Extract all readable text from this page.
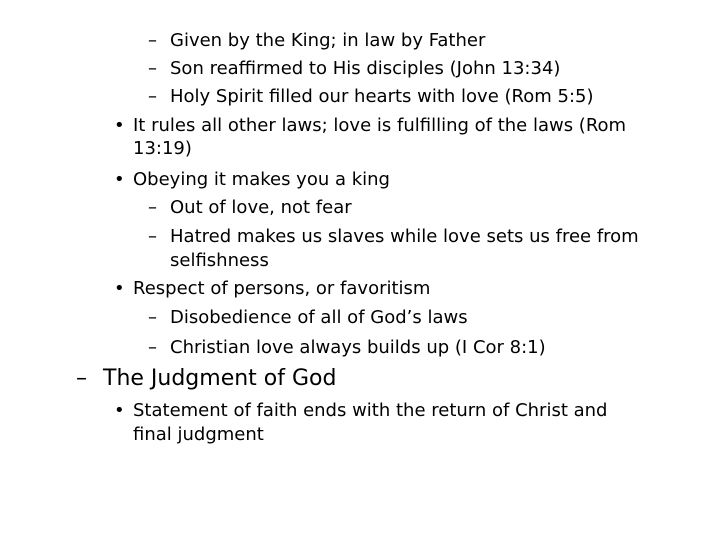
– Given by the King; in law by Father
– Son reaffirmed to His disciples (John 13:34)
– Holy Spirit filled our hearts with love (Rom 5:5)
• It rules all other laws; love is fulfilling of the laws (Rom
13:19)
• Obeying it makes you a king
– Out of love, not fear
– Hatred makes us slaves while love sets us free from
selfishness
• Respect of persons, or favoritism
– Disobedience of all of God’s laws
– Christian love always builds up (I Cor 8:1)
– The Judgment of God
• Statement of faith ends with the return of Christ and
final judgment
